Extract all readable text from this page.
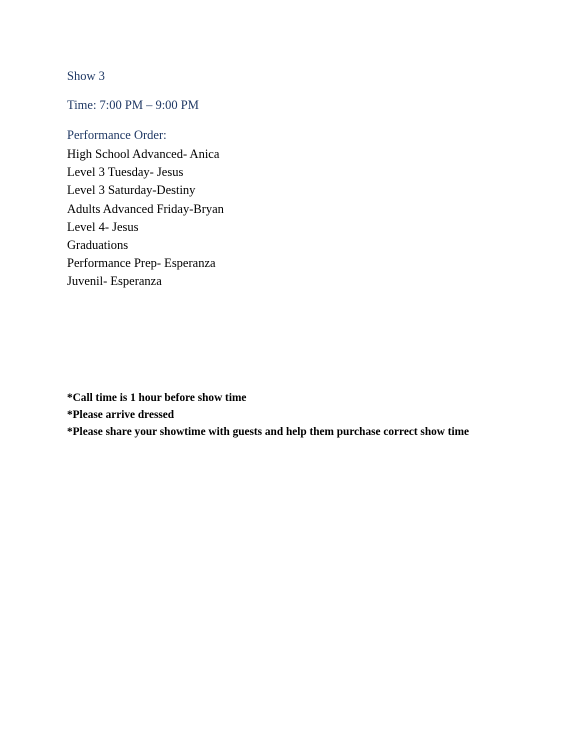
Show 3
Time: 7:00 PM – 9:00 PM
Performance Order:
High School Advanced- Anica
Level 3 Tuesday- Jesus
Level 3 Saturday-Destiny
Adults Advanced Friday-Bryan
Level 4- Jesus
Graduations
Performance Prep- Esperanza
Juvenil- Esperanza
*Call time is 1 hour before show time
*Please arrive dressed
*Please share your showtime with guests and help them purchase correct show time
